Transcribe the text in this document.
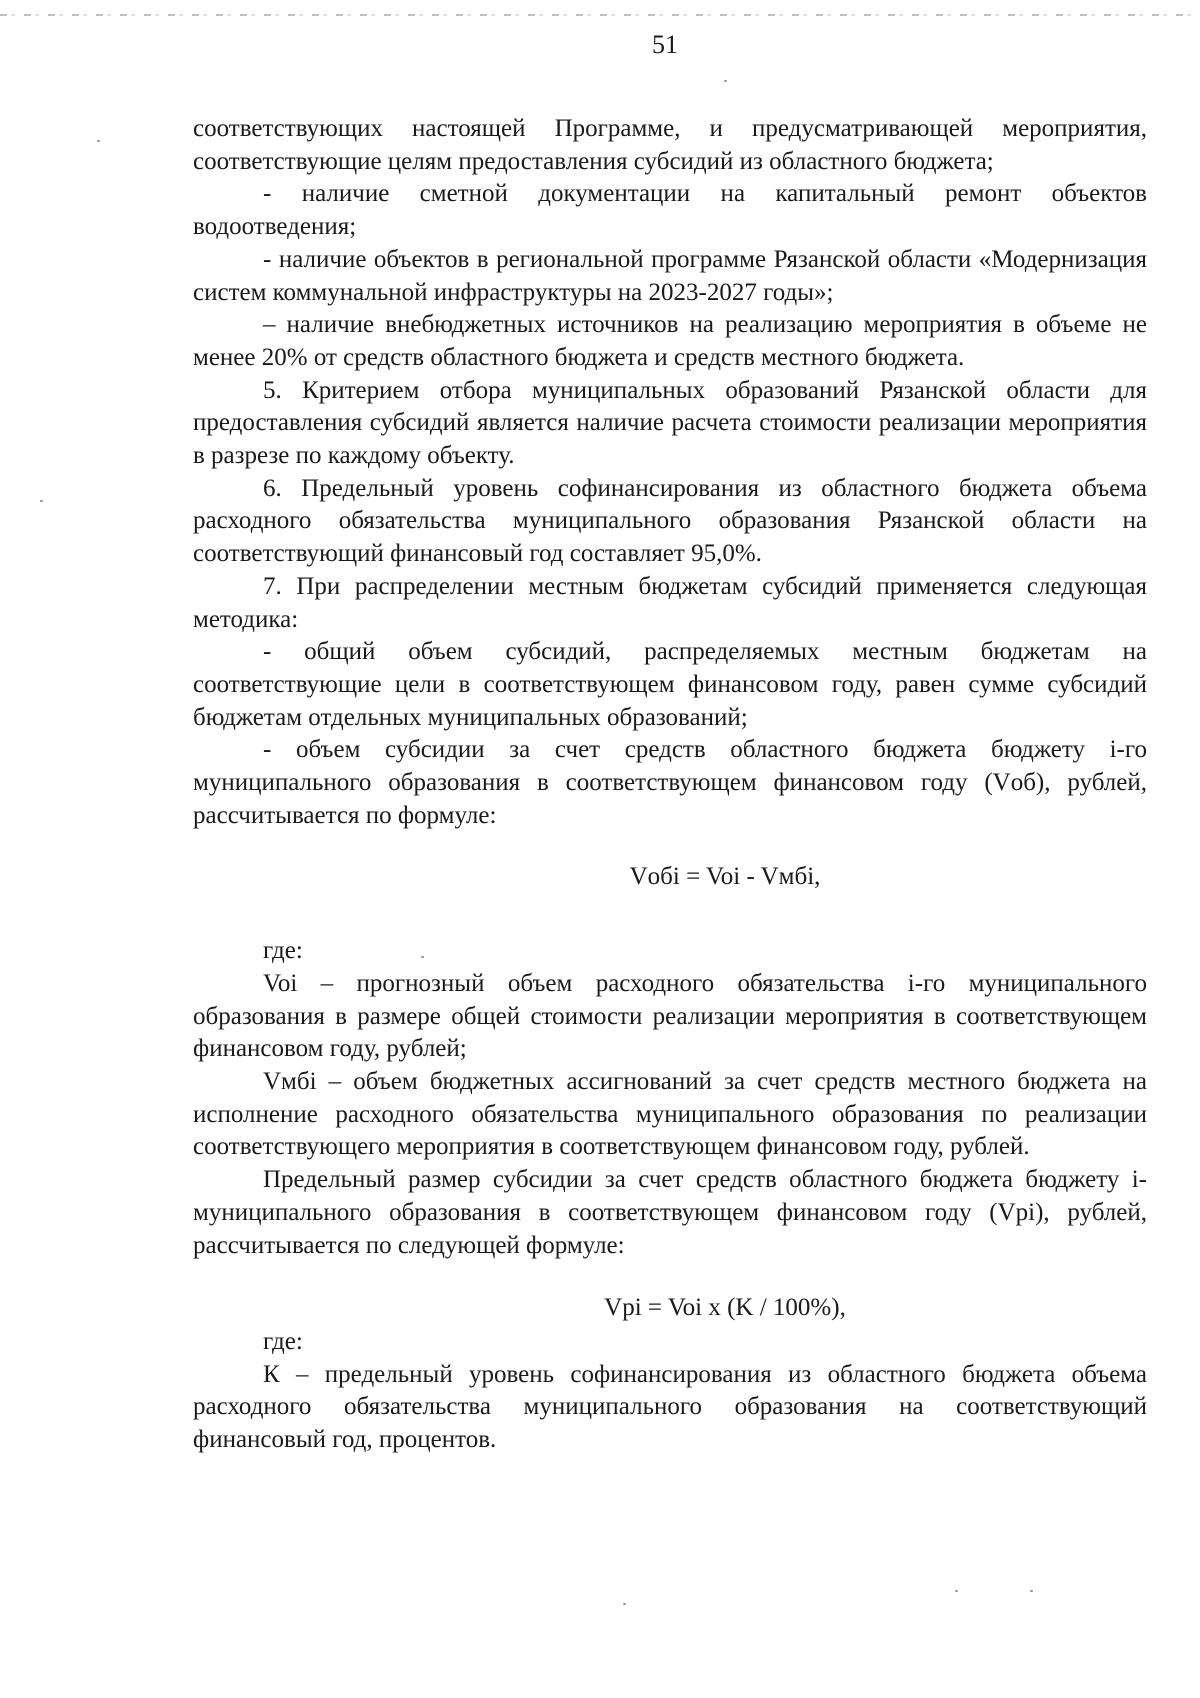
51

соответствующих настоящей Программе, и предусматривающей мероприятия, соответствующие целям предоставления субсидий из областного бюджета;

- наличие сметной документации на капитальный ремонт объектов водоотведения;

- наличие объектов в региональной программе Рязанской области «Модернизация систем коммунальной инфраструктуры на 2023-2027 годы»;

– наличие внебюджетных источников на реализацию мероприятия в объеме не менее 20% от средств областного бюджета и средств местного бюджета.

5. Критерием отбора муниципальных образований Рязанской области для предоставления субсидий является наличие расчета стоимости реализации мероприятия в разрезе по каждому объекту.

6. Предельный уровень софинансирования из областного бюджета объема расходного обязательства муниципального образования Рязанской области на соответствующий финансовый год составляет 95,0%.

7. При распределении местным бюджетам субсидий применяется следующая методика:

- общий объем субсидий, распределяемых местным бюджетам на соответствующие цели в соответствующем финансовом году, равен сумме субсидий бюджетам отдельных муниципальных образований;

- объем субсидии за счет средств областного бюджета бюджету i-го муниципального образования в соответствующем финансовом году (Vоб), рублей, рассчитывается по формуле:

Vобi = Voi - Vмбi,

где:

Voi – прогнозный объем расходного обязательства i-го муниципального образования в размере общей стоимости реализации мероприятия в соответствующем финансовом году, рублей;

Vмбi – объем бюджетных ассигнований за счет средств местного бюджета на исполнение расходного обязательства муниципального образования по реализации соответствующего мероприятия в соответствующем финансовом году, рублей.

Предельный размер субсидии за счет средств областного бюджета бюджету i-муниципального образования в соответствующем финансовом году (Vpi), рублей, рассчитывается по следующей формуле:

Vpi = Voi x (K / 100%),

где:

К – предельный уровень софинансирования из областного бюджета объема расходного обязательства муниципального образования на соответствующий финансовый год, процентов.
